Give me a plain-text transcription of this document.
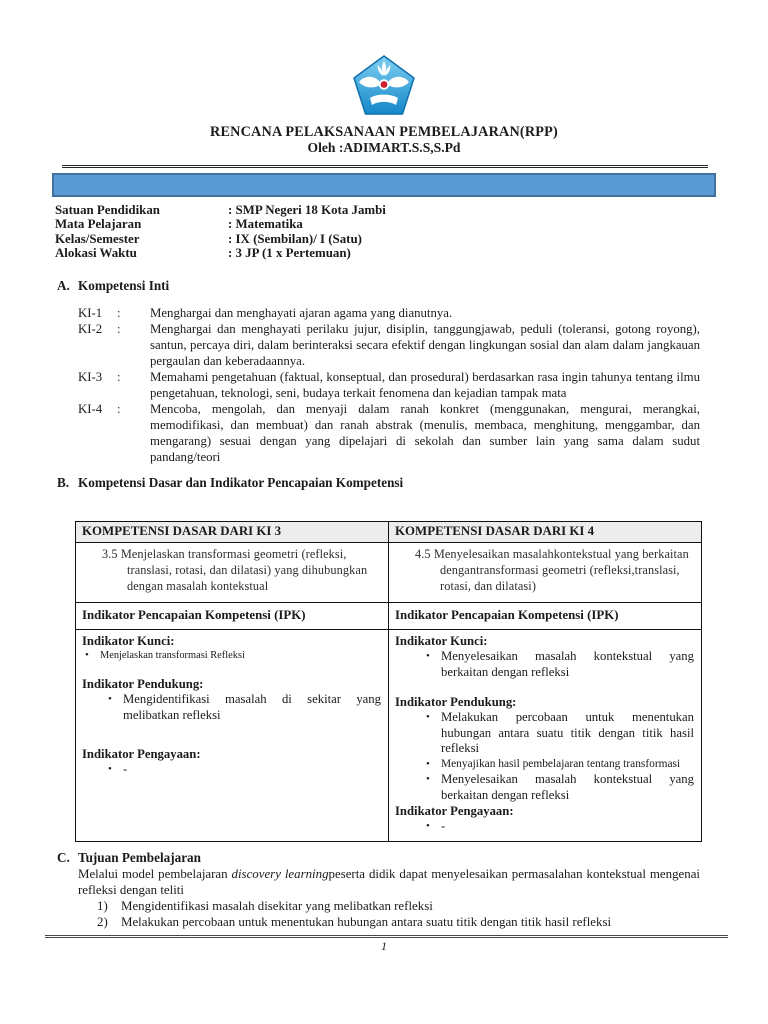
RENCANA PELAKSANAAN PEMBELAJARAN(RPP)
Oleh :ADIMART.S.S,S.Pd
Satuan Pendidikan	: SMP Negeri 18 Kota Jambi
Mata Pelajaran	: Matematika
Kelas/Semester	: IX (Sembilan)/ I (Satu)
Alokasi Waktu	: 3 JP (1 x Pertemuan)
A. Kompetensi Inti
KI-1	:	Menghargai dan menghayati ajaran agama yang dianutnya.
KI-2	:	Menghargai dan menghayati perilaku jujur, disiplin, tanggungjawab, peduli (toleransi, gotong royong), santun, percaya diri, dalam berinteraksi secara efektif dengan lingkungan sosial dan alam dalam jangkauan pergaulan dan keberadaannya.
KI-3	:	Memahami pengetahuan (faktual, konseptual, dan prosedural) berdasarkan rasa ingin tahunya tentang ilmu pengetahuan, teknologi, seni, budaya terkait fenomena dan kejadian tampak mata
KI-4	:	Mencoba, mengolah, dan menyaji dalam ranah konkret (menggunakan, mengurai, merangkai, memodifikasi, dan membuat) dan ranah abstrak (menulis, membaca, menghitung, menggambar, dan mengarang) sesuai dengan yang dipelajari di sekolah dan sumber lain yang sama dalam sudut pandang/teori
B. Kompetensi Dasar dan Indikator Pencapaian Kompetensi
KOMPETENSI DASAR DARI KI 3	KOMPETENSI DASAR DARI KI 4

3.5 Menjelaskan transformasi geometri (refleksi, translasi, rotasi, dan dilatasi) yang dihubungkan dengan masalah kontekstual	4.5 Menyelesaikan masalahkontekstual yang berkaitan dengantransformasi geometri (refleksi,translasi, rotasi, dan dilatasi)

Indikator Pencapaian Kompetensi (IPK)	Indikator Pencapaian Kompetensi (IPK)

Indikator Kunci:
•	Menjelaskan transformasi Refleksi
Indikator Pendukung:
• Mengidentifikasi masalah di sekitar yang melibatkan refleksi
Indikator Pengayaan:
• -

Indikator Kunci:
• Menyelesaikan masalah kontekstual yang berkaitan dengan refleksi
Indikator Pendukung:
• Melakukan percobaan untuk menentukan hubungan antara suatu titik dengan titik hasil refleksi
• Menyajikan hasil pembelajaran tentang transformasi
• Menyelesaikan masalah kontekstual yang berkaitan dengan refleksi
Indikator Pengayaan:
• -
C. Tujuan Pembelajaran

Melalui model pembelajaran discovery learningpeserta didik dapat menyelesaikan permasalahan kontekstual mengenai refleksi dengan teliti

1)	Mengidentifikasi masalah disekitar yang melibatkan refleksi
2)	Melakukan percobaan untuk menentukan hubungan antara suatu titik dengan titik hasil refleksi
1
